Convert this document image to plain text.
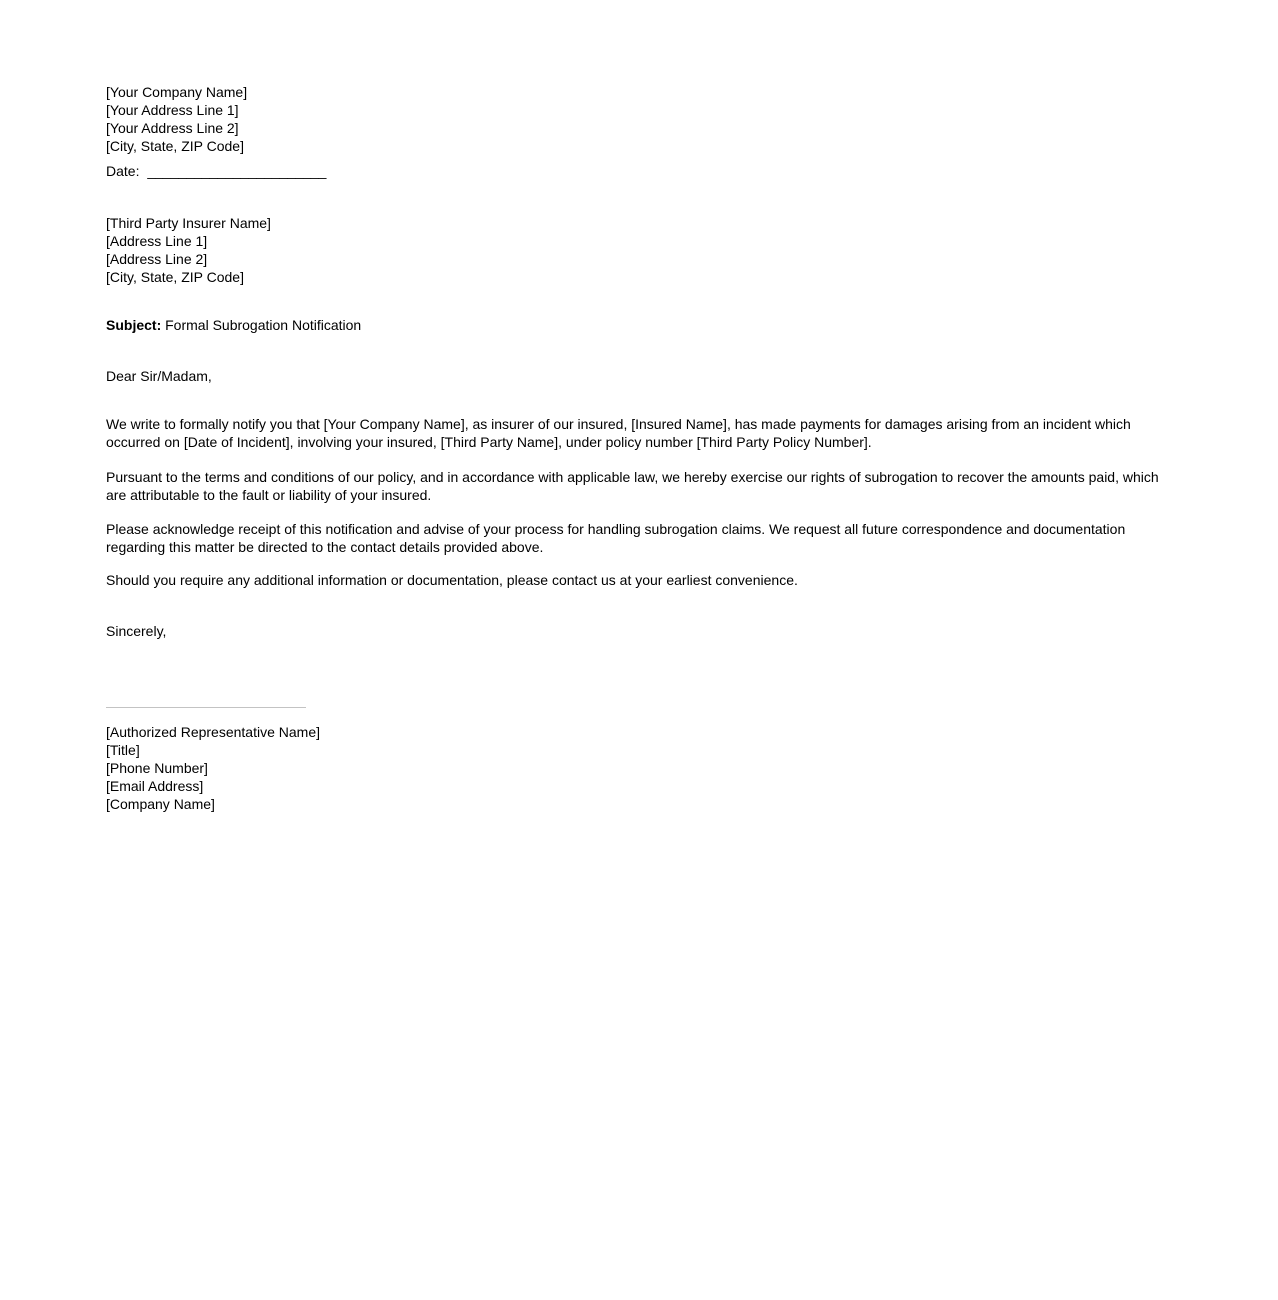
[Your Company Name]
[Your Address Line 1]
[Your Address Line 2]
[City, State, ZIP Code]
Date: _______________________
[Third Party Insurer Name]
[Address Line 1]
[Address Line 2]
[City, State, ZIP Code]
Subject: Formal Subrogation Notification
Dear Sir/Madam,
We write to formally notify you that [Your Company Name], as insurer of our insured, [Insured Name], has made payments for damages arising from an incident which occurred on [Date of Incident], involving your insured, [Third Party Name], under policy number [Third Party Policy Number].
Pursuant to the terms and conditions of our policy, and in accordance with applicable law, we hereby exercise our rights of subrogation to recover the amounts paid, which are attributable to the fault or liability of your insured.
Please acknowledge receipt of this notification and advise of your process for handling subrogation claims. We request all future correspondence and documentation regarding this matter be directed to the contact details provided above.
Should you require any additional information or documentation, please contact us at your earliest convenience.
Sincerely,
[Authorized Representative Name]
[Title]
[Phone Number]
[Email Address]
[Company Name]
